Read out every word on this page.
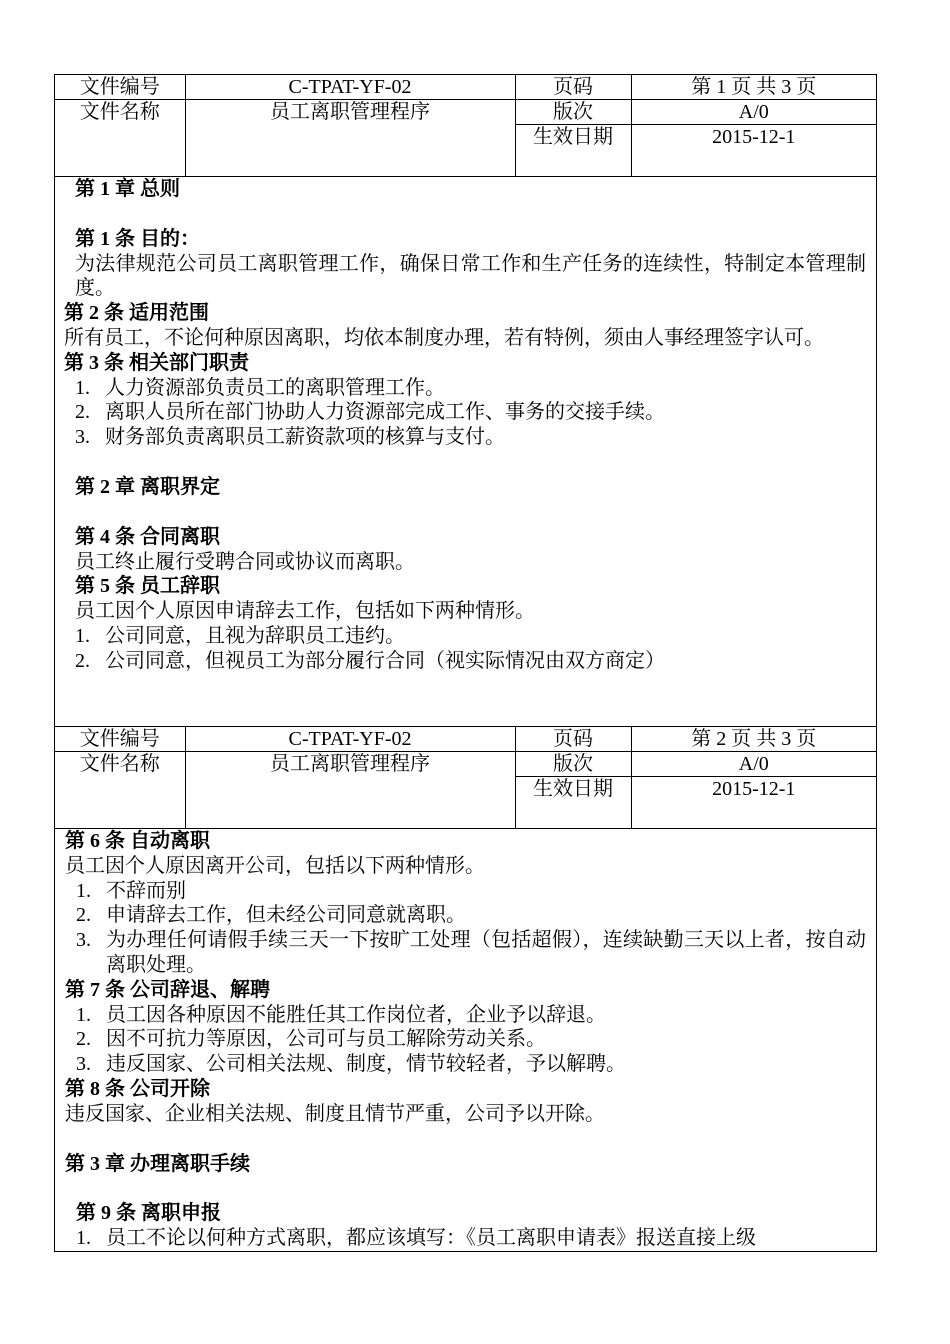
文件编号	C-TPAT-YF-02	页码	第 1 页 共 3 页
文件名称	员工离职管理程序	版次	A/0
		生效日期	2015-12-1
第 1 章 总则
第 1 条 目的：
为法律规范公司员工离职管理工作，确保日常工作和生产任务的连续性，特制定本管理制度。
第 2 条 适用范围
所有员工，不论何种原因离职，均依本制度办理，若有特例，须由人事经理签字认可。
第 3 条 相关部门职责
1. 人力资源部负责员工的离职管理工作。
2. 离职人员所在部门协助人力资源部完成工作、事务的交接手续。
3. 财务部负责离职员工薪资款项的核算与支付。
第 2 章 离职界定
第 4 条 合同离职
员工终止履行受聘合同或协议而离职。
第 5 条 员工辞职
员工因个人原因申请辞去工作，包括如下两种情形。
1. 公司同意，且视为辞职员工违约。
2. 公司同意，但视员工为部分履行合同（视实际情况由双方商定）
文件编号	C-TPAT-YF-02	页码	第 2 页 共 3 页
文件名称	员工离职管理程序	版次	A/0
		生效日期	2015-12-1
第 6 条 自动离职
员工因个人原因离开公司，包括以下两种情形。
1. 不辞而别
2. 申请辞去工作，但未经公司同意就离职。
3. 为办理任何请假手续三天一下按旷工处理（包括超假），连续缺勤三天以上者，按自动离职处理。
第 7 条 公司辞退、解聘
1. 员工因各种原因不能胜任其工作岗位者，企业予以辞退。
2. 因不可抗力等原因，公司可与员工解除劳动关系。
3. 违反国家、公司相关法规、制度，情节较轻者，予以解聘。
第 8 条 公司开除
违反国家、企业相关法规、制度且情节严重，公司予以开除。
第 3 章 办理离职手续
第 9 条 离职申报
1. 员工不论以何种方式离职，都应该填写：《员工离职申请表》报送直接上级
